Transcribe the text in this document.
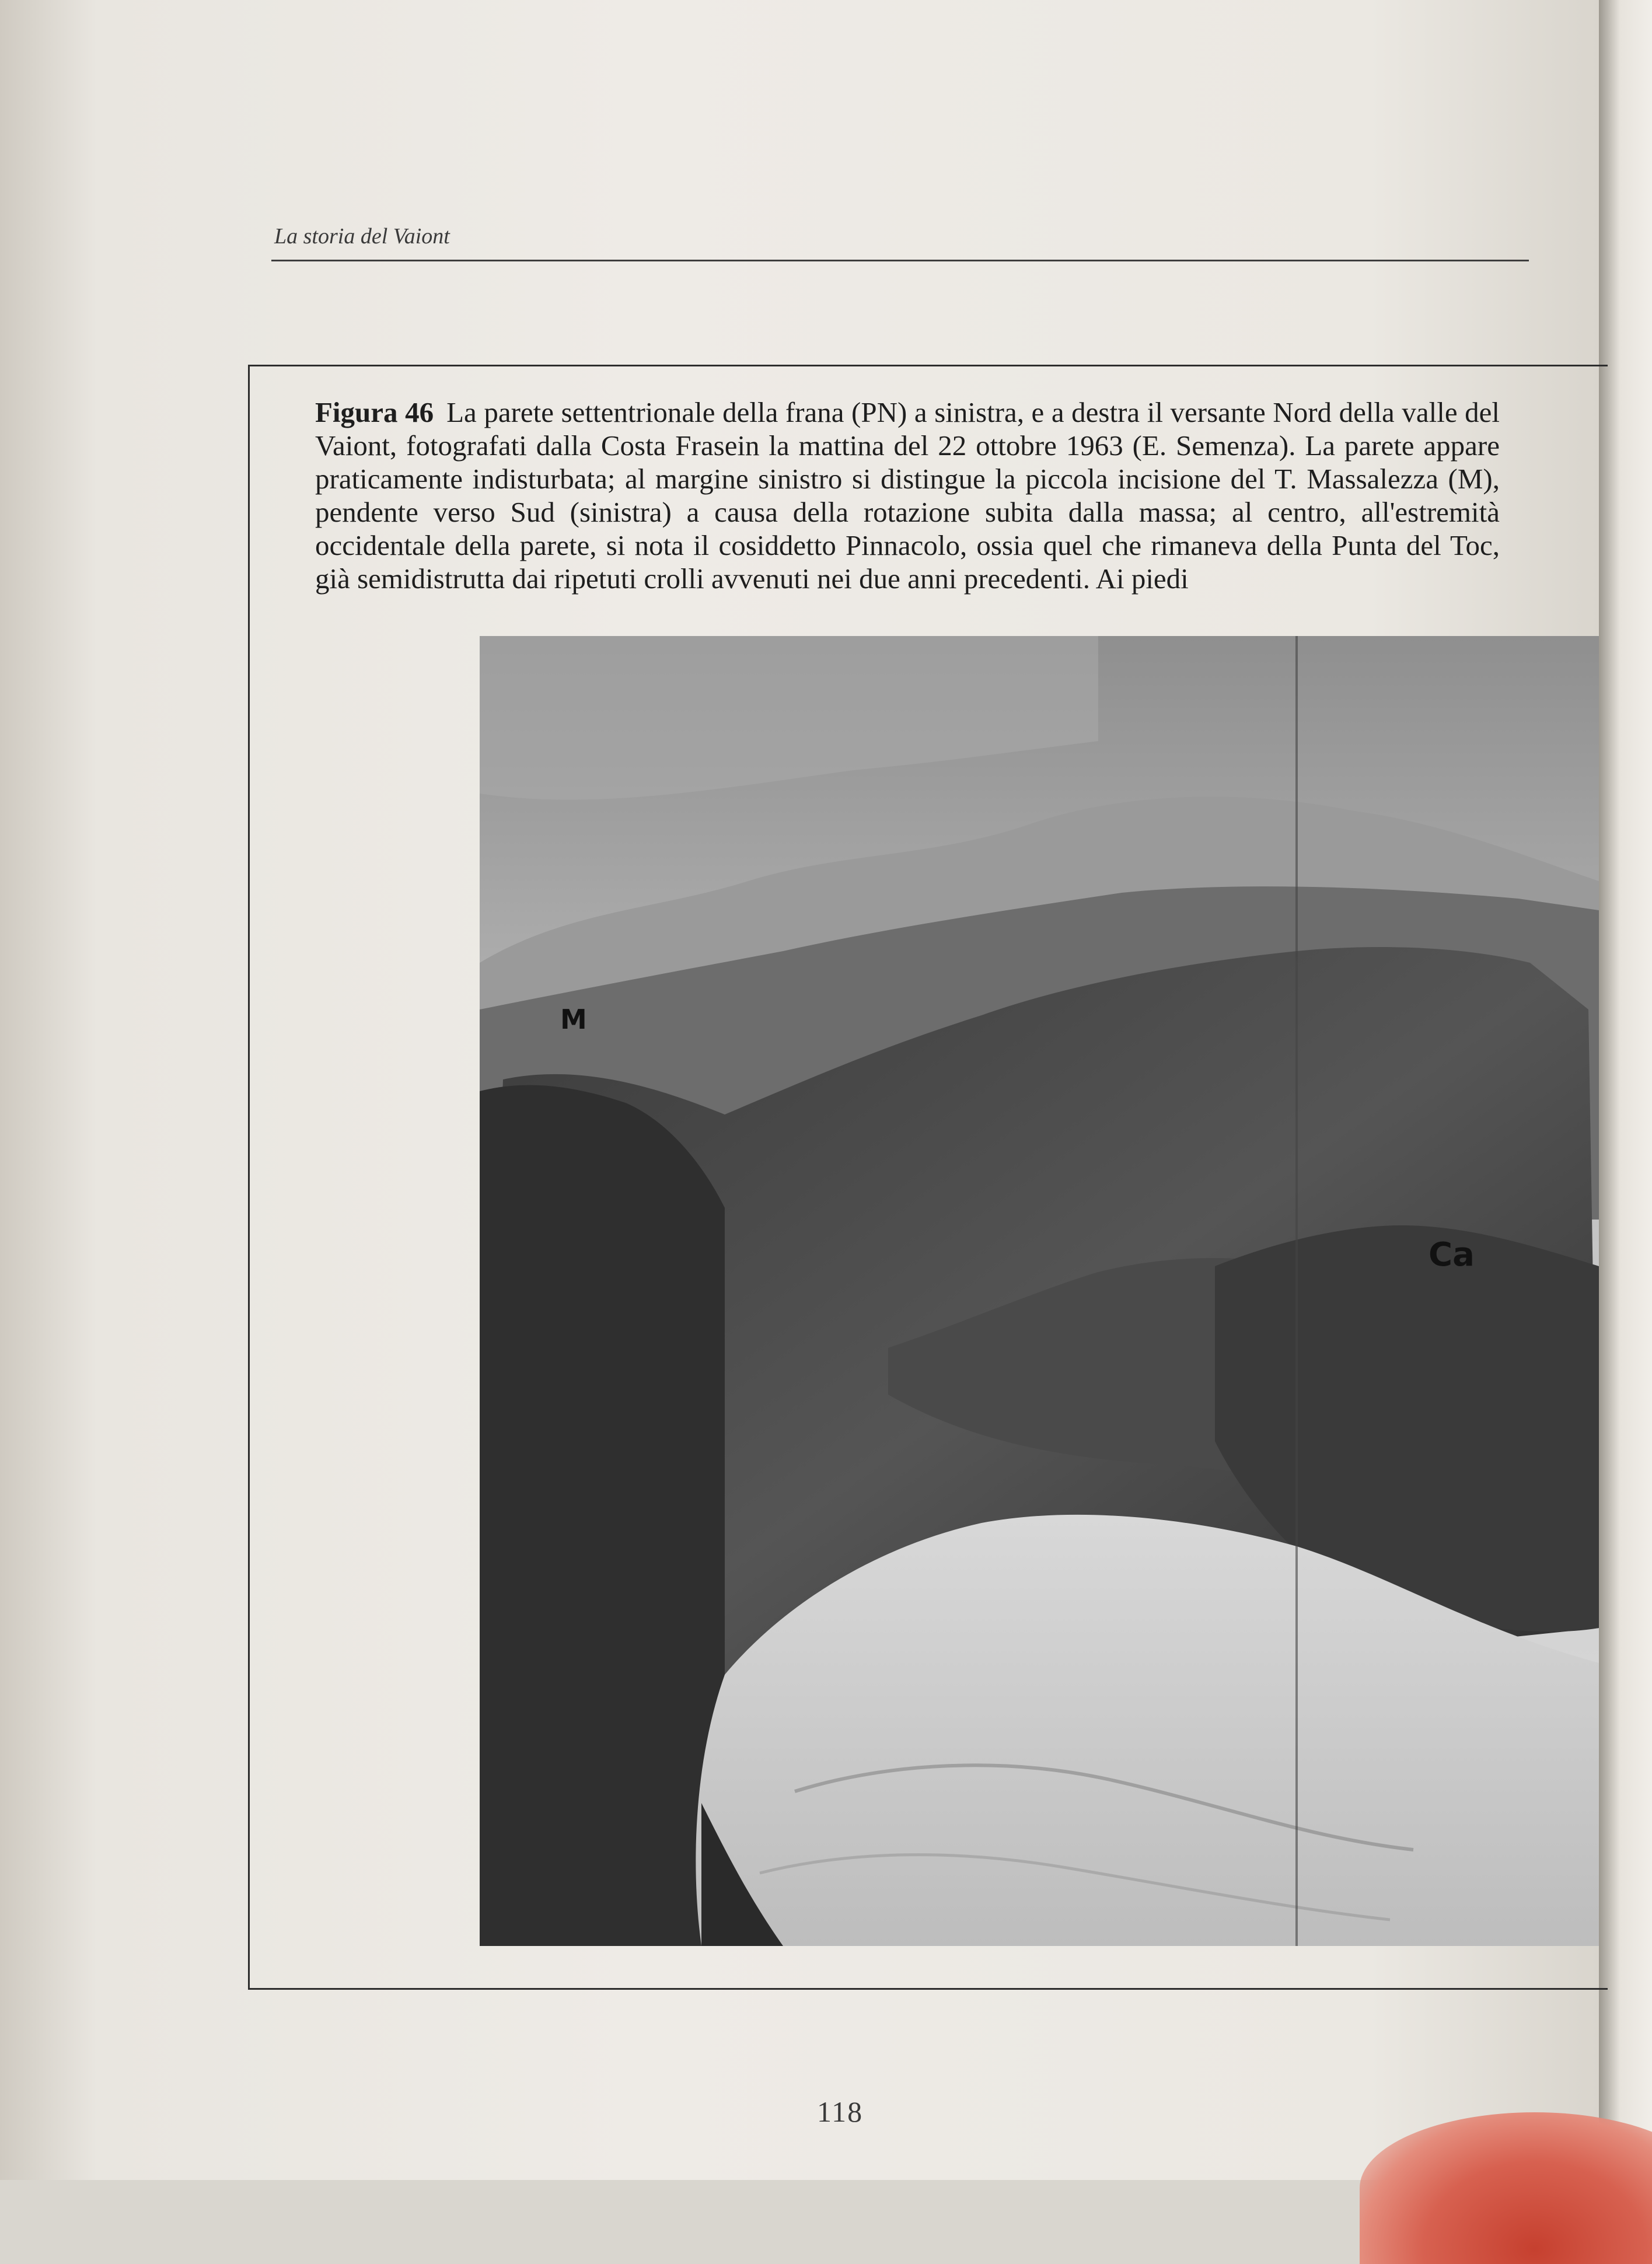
La storia del Vaiont
Figura 46 La parete settentrionale della frana (PN) a sinistra, e a destra il versante Nord della valle del Vaiont, fotografati dalla Costa Frasein la mattina del 22 ottobre 1963 (E. Semenza). La parete appare praticamente indisturbata; al margine sinistro si distingue la piccola incisione del T. Massalezza (M), pendente verso Sud (sinistra) a causa della rotazione subita dalla massa; al centro, all'estremità occidentale della parete, si nota il cosiddetto Pinnacolo, ossia quel che rimaneva della Punta del Toc, già semidistrutta dai ripetuti crolli avvenuti nei due anni precedenti. Ai piedi
M
Ca
118
